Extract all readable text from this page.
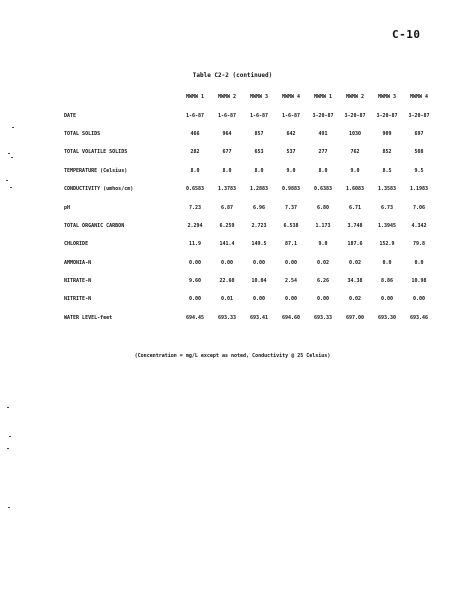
C-10
Table C2-2 (continued)
	MWMW 1	MWMW 2	MWMW 3	MWMW 4	MWMW 1	MWMW 2	MWMW 3	MWMW 4
DATE	1-6-87	1-6-87	1-6-87	1-6-87	3-20-87	3-20-87	3-20-87	3-20-87
TOTAL SOLIDS	466	964	857	642	491	1030	909	697
TOTAL VOLATILE SOLIDS	282	677	653	537	277	762	852	508
TEMPERATURE (Celsius)	8.0	8.0	8.0	9.0	8.0	9.0	8.5	9.5
CONDUCTIVITY (umhos/cm)	0.6583	1.3783	1.2883	0.9883	0.6383	1.6083	1.3583	1.1983
pH	7.23	6.87	6.96	7.37	6.80	6.71	6.73	7.06
TOTAL ORGANIC CARBON	2.294	6.259	2.723	6.538	1.173	3.748	1.3945	4.342
CHLORIDE	11.9	141.4	149.5	87.1	9.0	187.6	152.9	79.8
AMMONIA-N	0.00	0.00	0.00	0.00	0.02	0.02	0.0	0.0
NITRATE-N	9.60	22.60	10.04	2.54	6.26	34.38	8.86	10.98
NITRITE-N	0.00	0.01	0.00	0.00	0.00	0.02	0.00	0.00
WATER LEVEL-feet	694.45	693.33	693.41	694.60	693.33	697.00	693.30	693.46
(Concentration = mg/L except as noted, Conductivity @ 25 Celsius)
